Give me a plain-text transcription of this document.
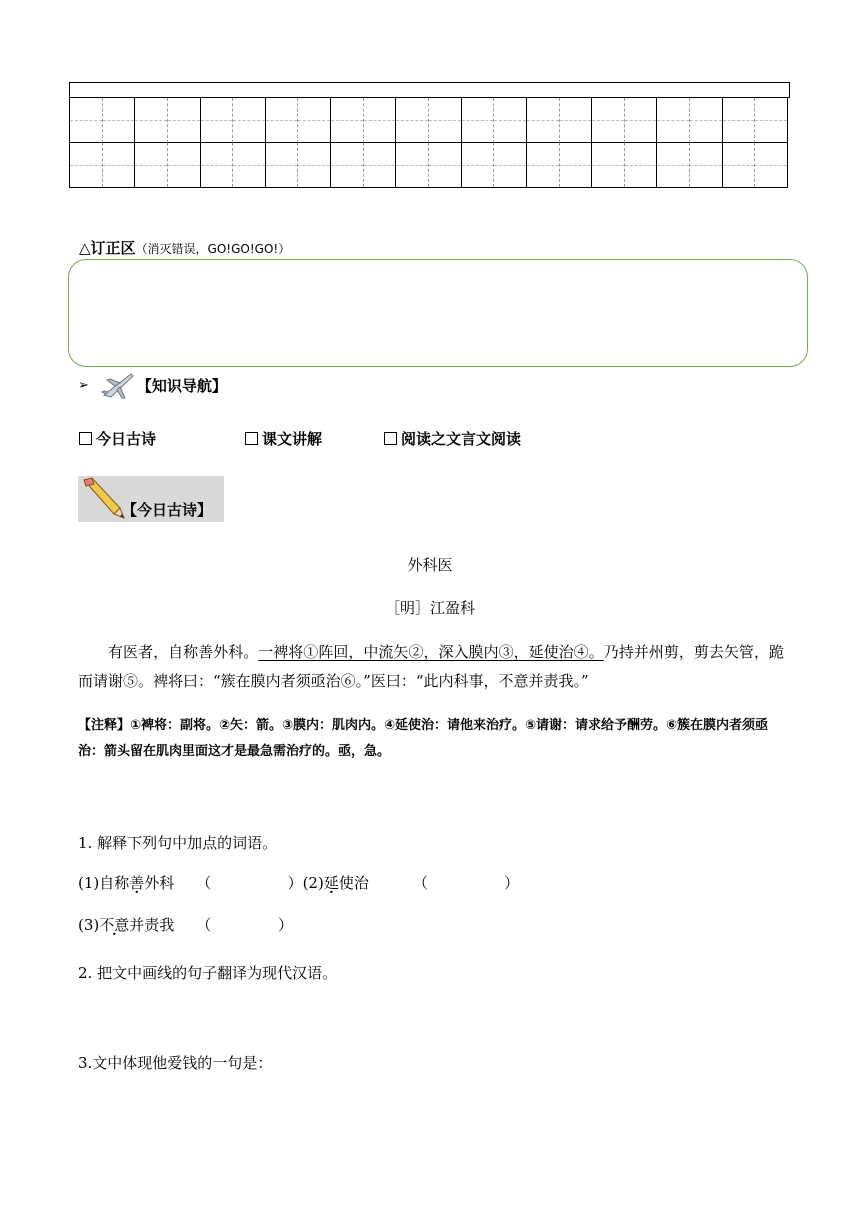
△订正区（消灭错误，GO!GO!GO!）
➢	【知识导航】
今日古诗	课文讲解	阅读之文言文阅读
【今日古诗】
外科医
［明］江盈科
有医者，自称善外科。一裨将①阵回，中流矢②，深入膜内③，延使治④。乃持并州剪，剪去矢管，跪而请谢⑤。裨将曰：“簇在膜内者须亟治⑥。”医曰：“此内科事，不意并责我。”
【注释】①裨将：副将。②矢：箭。③膜内：肌肉内。④延使治：请他来治疗。⑤请谢：请求给予酬劳。⑥簇在膜内者须亟治：箭头留在肌肉里面这才是最急需治疗的。亟，急。
1. 解释下列句中加点的词语。
(1)自称善外科 （                ）(2)延使治	（                ）
(3)不意并责我 （              ）
2. 把文中画线的句子翻译为现代汉语。
3.文中体现他爱钱的一句是：
